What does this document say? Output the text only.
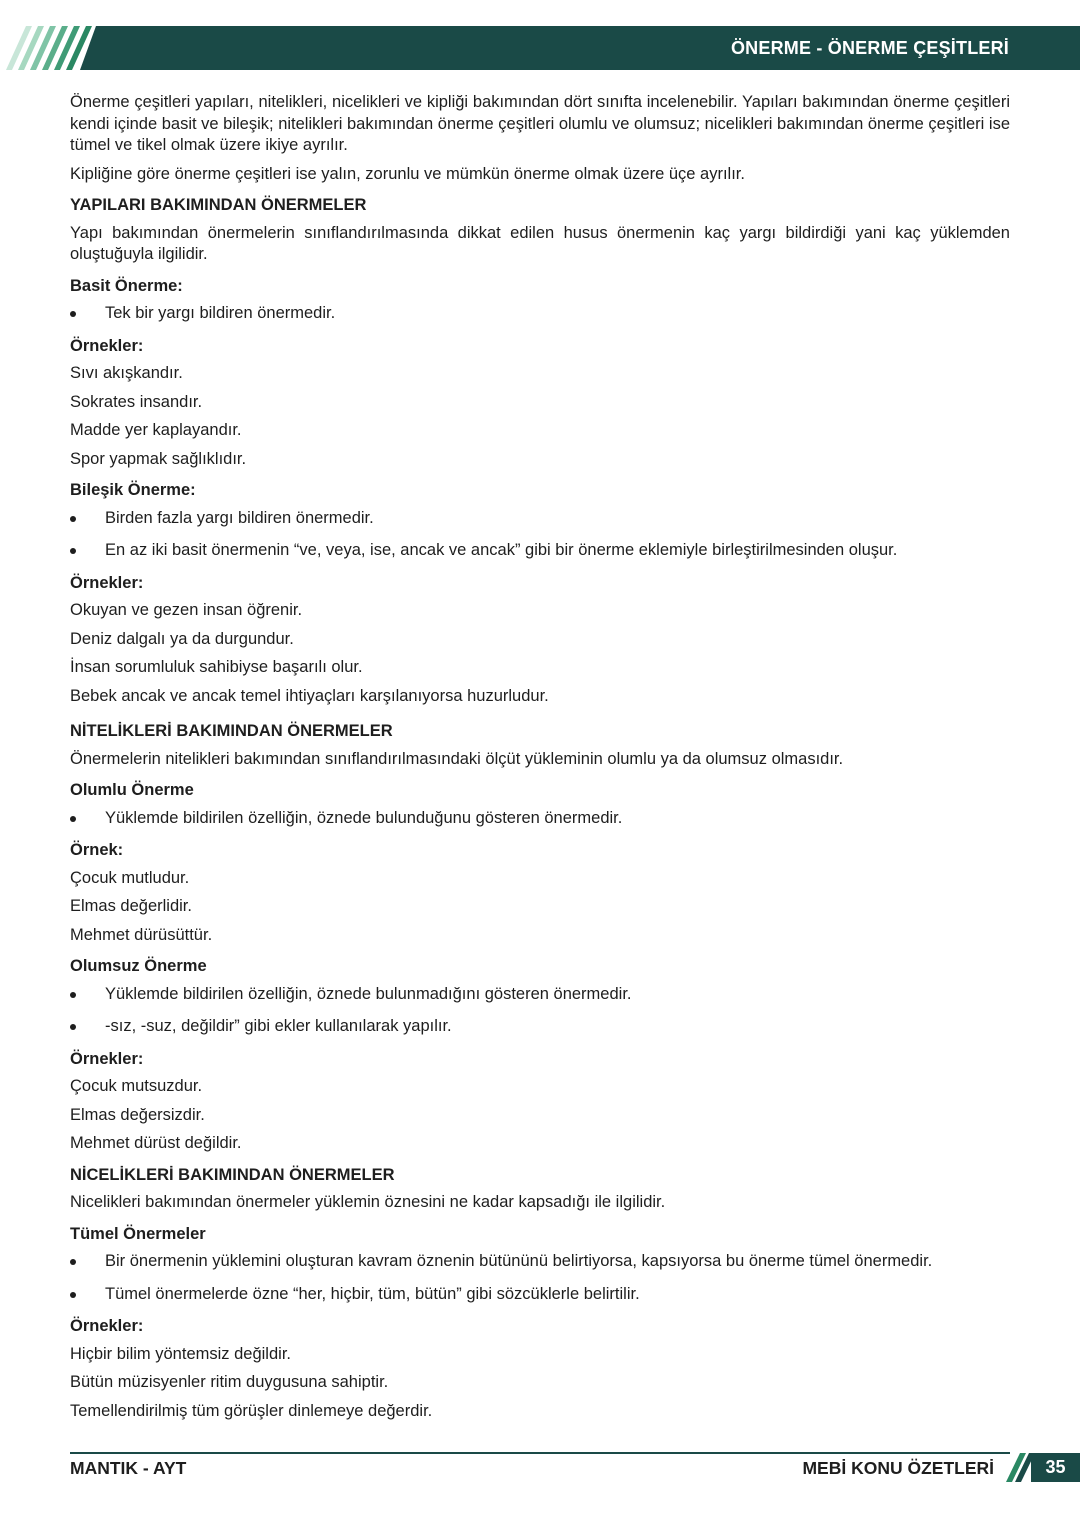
ÖNERME - ÖNERME ÇEŞİTLERİ

Önerme çeşitleri yapıları, nitelikleri, nicelikleri ve kipliği bakımından dört sınıfta incelenebilir. Yapıları bakımından önerme çeşitleri kendi içinde basit ve bileşik; nitelikleri bakımından önerme çeşitleri olumlu ve olumsuz; nicelikleri bakımından önerme çeşitleri ise tümel ve tikel olmak üzere ikiye ayrılır.

Kipliğine göre önerme çeşitleri ise yalın, zorunlu ve mümkün önerme olmak üzere üçe ayrılır.

YAPILARI BAKIMINDAN ÖNERMELER

Yapı bakımından önermelerin sınıflandırılmasında dikkat edilen husus önermenin kaç yargı bildirdiği yani kaç yüklemden oluştuğuyla ilgilidir.

Basit Önerme:
Tek bir yargı bildiren önermedir.
Örnekler:
Sıvı akışkandır.
Sokrates insandır.
Madde yer kaplayandır.
Spor yapmak sağlıklıdır.
Bileşik Önerme:
Birden fazla yargı bildiren önermedir.
En az iki basit önermenin “ve, veya, ise, ancak ve ancak” gibi bir önerme eklemiyle birleştirilmesinden oluşur.
Örnekler:
Okuyan ve gezen insan öğrenir.
Deniz dalgalı ya da durgundur.
İnsan sorumluluk sahibiyse başarılı olur.
Bebek ancak ve ancak temel ihtiyaçları karşılanıyorsa huzurludur.
NİTELİKLERİ BAKIMINDAN ÖNERMELER

Önermelerin nitelikleri bakımından sınıflandırılmasındaki ölçüt yükleminin olumlu ya da olumsuz olmasıdır.

Olumlu Önerme
Yüklemde bildirilen özelliğin, öznede bulunduğunu gösteren önermedir.
Örnek:
Çocuk mutludur.
Elmas değerlidir.
Mehmet dürüsüttür.
Olumsuz Önerme
Yüklemde bildirilen özelliğin, öznede bulunmadığını gösteren önermedir.
-sız, -suz, değildir” gibi ekler kullanılarak yapılır.
Örnekler:
Çocuk mutsuzdur.
Elmas değersizdir.
Mehmet dürüst değildir.
NİCELİKLERİ BAKIMINDAN ÖNERMELER

Nicelikleri bakımından önermeler yüklemin öznesini ne kadar kapsadığı ile ilgilidir.

Tümel Önermeler
Bir önermenin yüklemini oluşturan kavram öznenin bütününü belirtiyorsa, kapsıyorsa bu önerme tümel önermedir.
Tümel önermelerde özne “her, hiçbir, tüm, bütün” gibi sözcüklerle belirtilir.
Örnekler:
Hiçbir bilim yöntemsiz değildir.
Bütün müzisyenler ritim duygusuna sahiptir.
Temellendirilmiş tüm görüşler dinlemeye değerdir.
MANTIK - AYT	MEBİ KONU ÖZETLERİ	35
